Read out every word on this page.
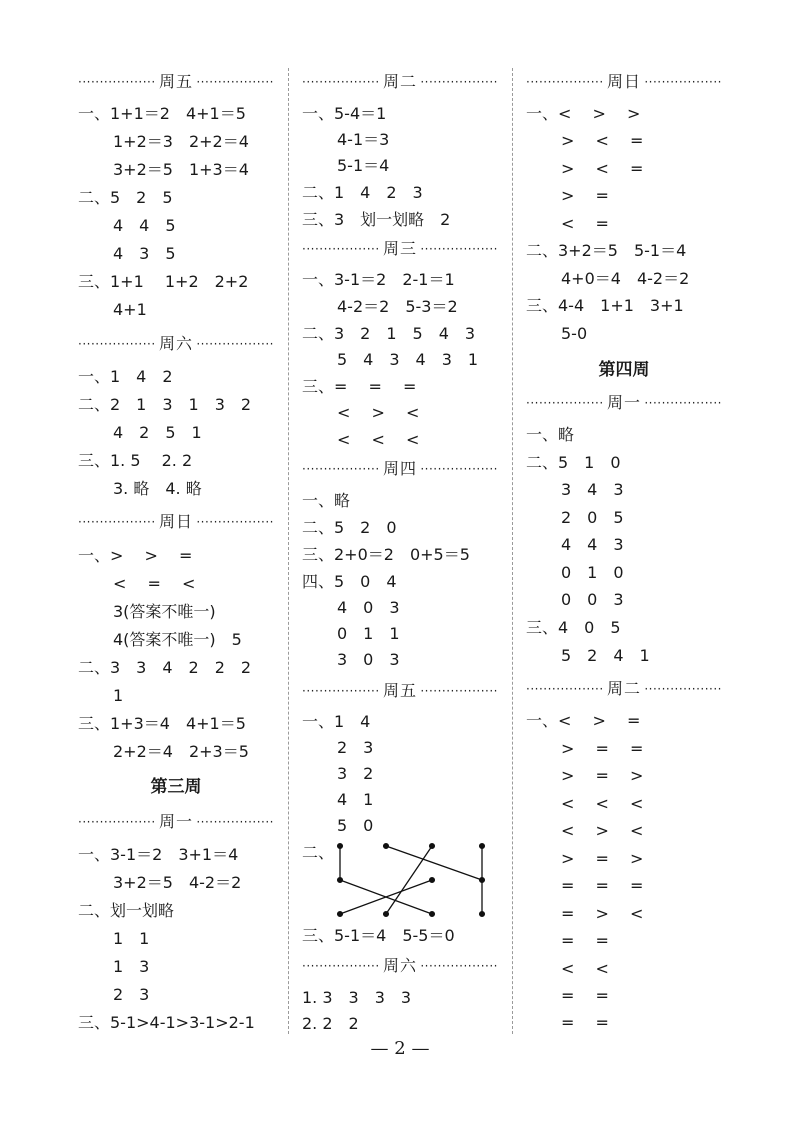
·················· 周五 ··················
一、1+1＝2　4+1＝5
1+2＝3　2+2＝4
3+2＝5　1+3＝4
二、5　2　5
4　4　5
4　3　5
三、1+1　 1+2　2+2
4+1
·················· 周六 ··················
一、1　4　2
二、2　1　3　1　3　2
4　2　5　1
三、1. 5　 2. 2
3. 略　4. 略
·················· 周日 ··················
一、>　 >　 =
<　 =　 <
3(答案不唯一)
4(答案不唯一)　5
二、3　3　4　2　2　2
1
三、1+3＝4　4+1＝5
2+2＝4　2+3＝5
第三周
·················· 周一 ··················
一、3-1＝2　3+1＝4
3+2＝5　4-2＝2
二、划一划略
1　1
1　3
2　3
三、5-1>4-1>3-1>2-1
·················· 周二 ··················
一、5-4＝1
4-1＝3
5-1＝4
二、1　4　2　3
三、3　划一划略　2
·················· 周三 ··················
一、3-1＝2　2-1＝1
4-2＝2　5-3＝2
二、3　2　1　5　4　3
5　4　3　4　3　1
三、=　 =　 =
<　 >　 <
<　 <　 <
·················· 周四 ··················
一、略
二、5　2　0
三、2+0＝2　0+5＝5
四、5　0　4
4　0　3
0　1　1
3　0　3
·················· 周五 ··················
一、1　4
2　3
3　2
4　1
5　0
二、
三、5-1＝4　5-5＝0
·················· 周六 ··················
1. 3　3　3　3
2. 2　2
·················· 周日 ··················
一、<　 >　 >
>　 <　 =
>　 <　 =
>　 =
<　 =
二、3+2＝5　5-1＝4
4+0＝4　4-2＝2
三、4-4　1+1　3+1
5-0
第四周
·················· 周一 ··················
一、略
二、5　1　0
3　4　3
2　0　5
4　4　3
0　1　0
0　0　3
三、4　0　5
5　2　4　1
·················· 周二 ··················
一、<　 >　 =
>　 =　 =
>　 =　 >
<　 <　 <
<　 >　 <
>　 =　 >
=　 =　 =
=　 >　 <
=　 =
<　 <
=　 =
=　 =
— 2 —
